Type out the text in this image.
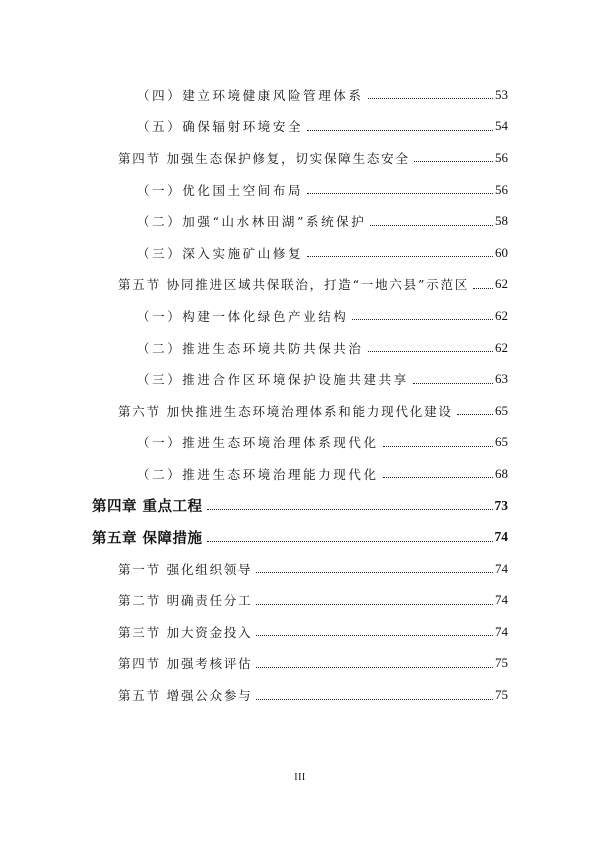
（四）建立环境健康风险管理体系	53
（五）确保辐射环境安全	54
第四节 加强生态保护修复，切实保障生态安全	56
（一）优化国土空间布局	56
（二）加强“山水林田湖”系统保护	58
（三）深入实施矿山修复	60
第五节 协同推进区域共保联治，打造“一地六县”示范区 62
（一）构建一体化绿色产业结构	62
（二）推进生态环境共防共保共治	62
（三）推进合作区环境保护设施共建共享	63
第六节 加快推进生态环境治理体系和能力现代化建设	65
（一）推进生态环境治理体系现代化	65
（二）推进生态环境治理能力现代化	68
第四章 重点工程	73
第五章 保障措施	74
第一节 强化组织领导	74
第二节 明确责任分工	74
第三节 加大资金投入	74
第四节 加强考核评估	75
第五节 增强公众参与	75
III
